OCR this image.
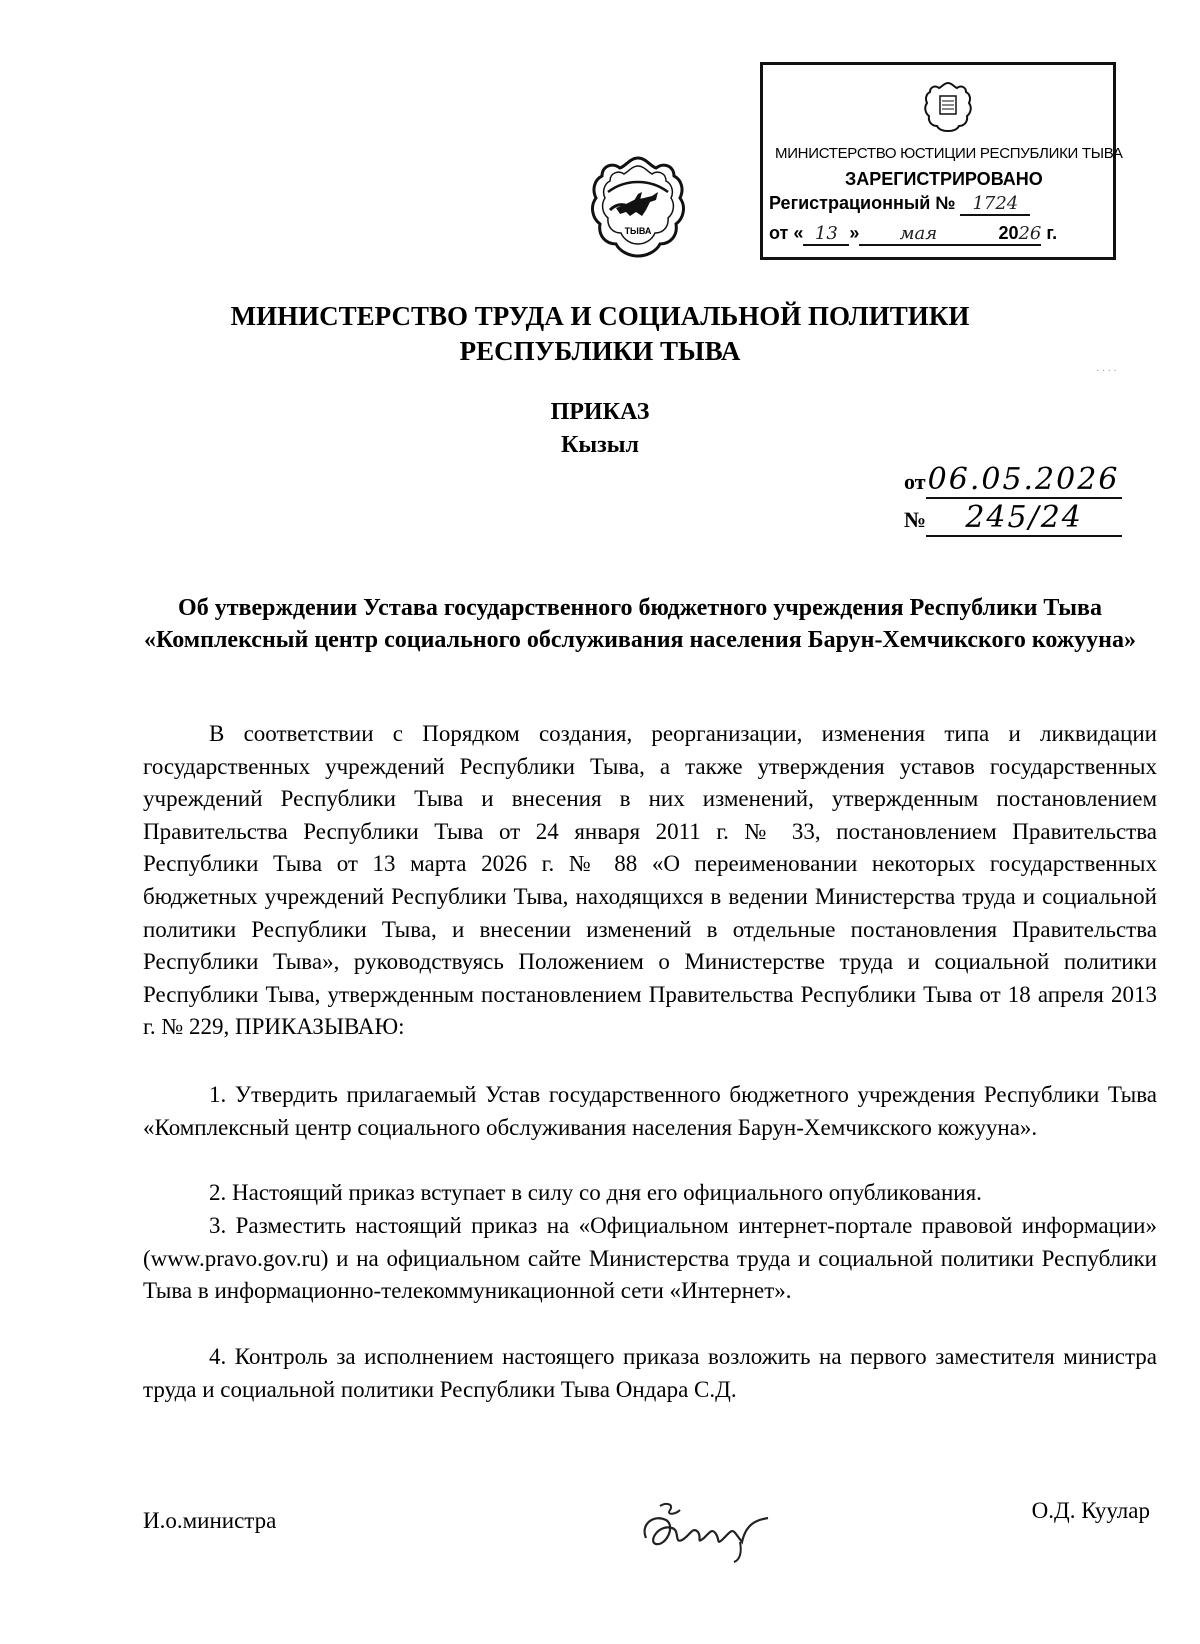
ТЫВА
МИНИСТЕРСТВО ЮСТИЦИИ РЕСПУБЛИКИ ТЫВА
ЗАРЕГИСТРИРОВАНО
Регистрационный № 1724
от « 13 » мая	2026 г.
· · · ·
МИНИСТЕРСТВО ТРУДА И СОЦИАЛЬНОЙ ПОЛИТИКИ
РЕСПУБЛИКИ ТЫВА
ПРИКАЗ
Кызыл
от06.05.2026
№ 245/24
Об утверждении Устава государственного бюджетного учреждения Республики Тыва «Комплексный центр социального обслуживания населения Барун-Хемчикского кожууна»

В соответствии с Порядком создания, реорганизации, изменения типа и ликвидации государственных учреждений Республики Тыва, а также утверждения уставов государственных учреждений Республики Тыва и внесения в них изменений, утвержденным постановлением Правительства Республики Тыва от 24 января 2011 г. № 33, постановлением Правительства Республики Тыва от 13 марта 2026 г. № 88 «О переименовании некоторых государственных бюджетных учреждений Республики Тыва, находящихся в ведении Министерства труда и социальной политики Республики Тыва, и внесении изменений в отдельные постановления Правительства Республики Тыва», руководствуясь Положением о Министерстве труда и социальной политики Республики Тыва, утвержденным постановлением Правительства Республики Тыва от 18 апреля 2013 г. № 229, ПРИКАЗЫВАЮ:

1. Утвердить прилагаемый Устав государственного бюджетного учреждения Республики Тыва «Комплексный центр социального обслуживания населения Барун-Хемчикского кожууна».

2. Настоящий приказ вступает в силу со дня его официального опубликования.

3. Разместить настоящий приказ на «Официальном интернет-портале правовой информации» (www.pravo.gov.ru) и на официальном сайте Министерства труда и социальной политики Республики Тыва в информационно-телекоммуникационной сети «Интернет».

4. Контроль за исполнением настоящего приказа возложить на первого заместителя министра труда и социальной политики Республики Тыва Ондара С.Д.

И.о.министра	О.Д. Куулар
